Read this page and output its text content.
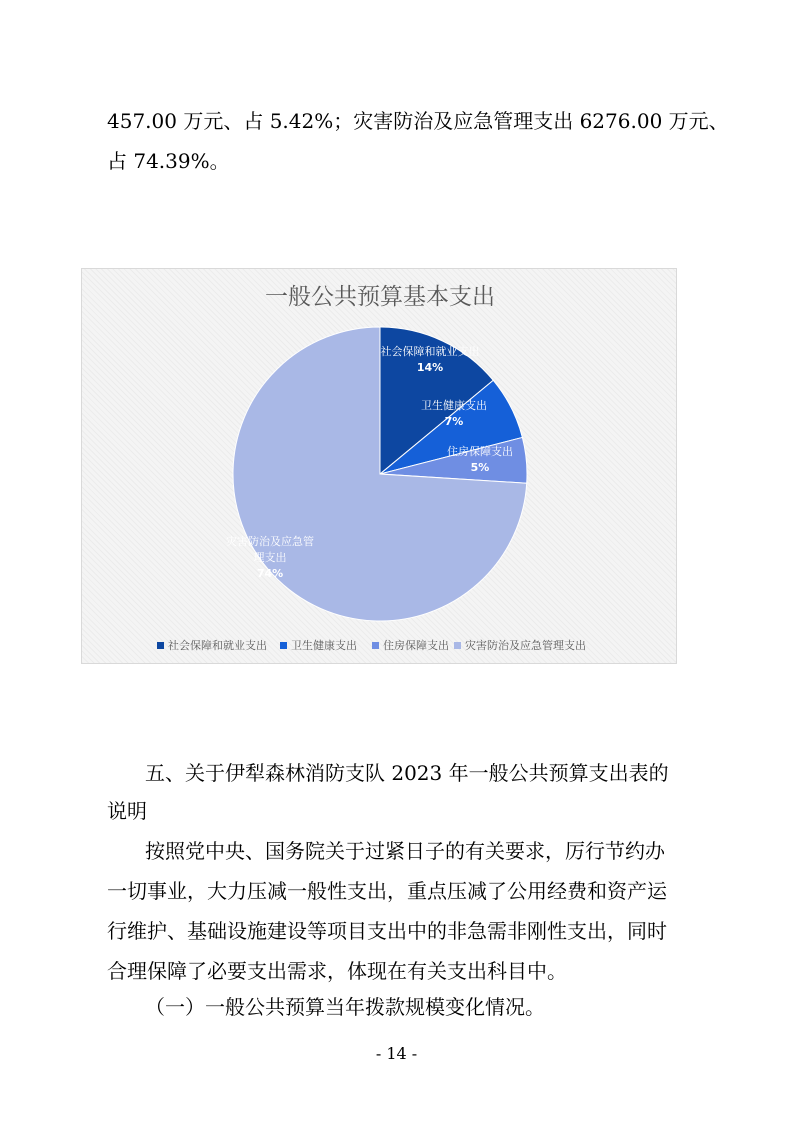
457.00 万元、占 5.42%；灾害防治及应急管理支出 6276.00 万元、

占 74.39%。

一般公共预算基本支出
社会保障和就业支出 14%
卫生健康支出 7%
住房保障支出 5%
灾害防治及应急管理支出 74%
社会保障和就业支出 卫生健康支出 住房保障支出 灾害防治及应急管理支出

五、关于伊犁森林消防支队 2023 年一般公共预算支出表的

说明

按照党中央、国务院关于过紧日子的有关要求，厉行节约办

一切事业，大力压减一般性支出，重点压减了公用经费和资产运

行维护、基础设施建设等项目支出中的非急需非刚性支出，同时

合理保障了必要支出需求，体现在有关支出科目中。

（一）一般公共预算当年拨款规模变化情况。

- 14 -
